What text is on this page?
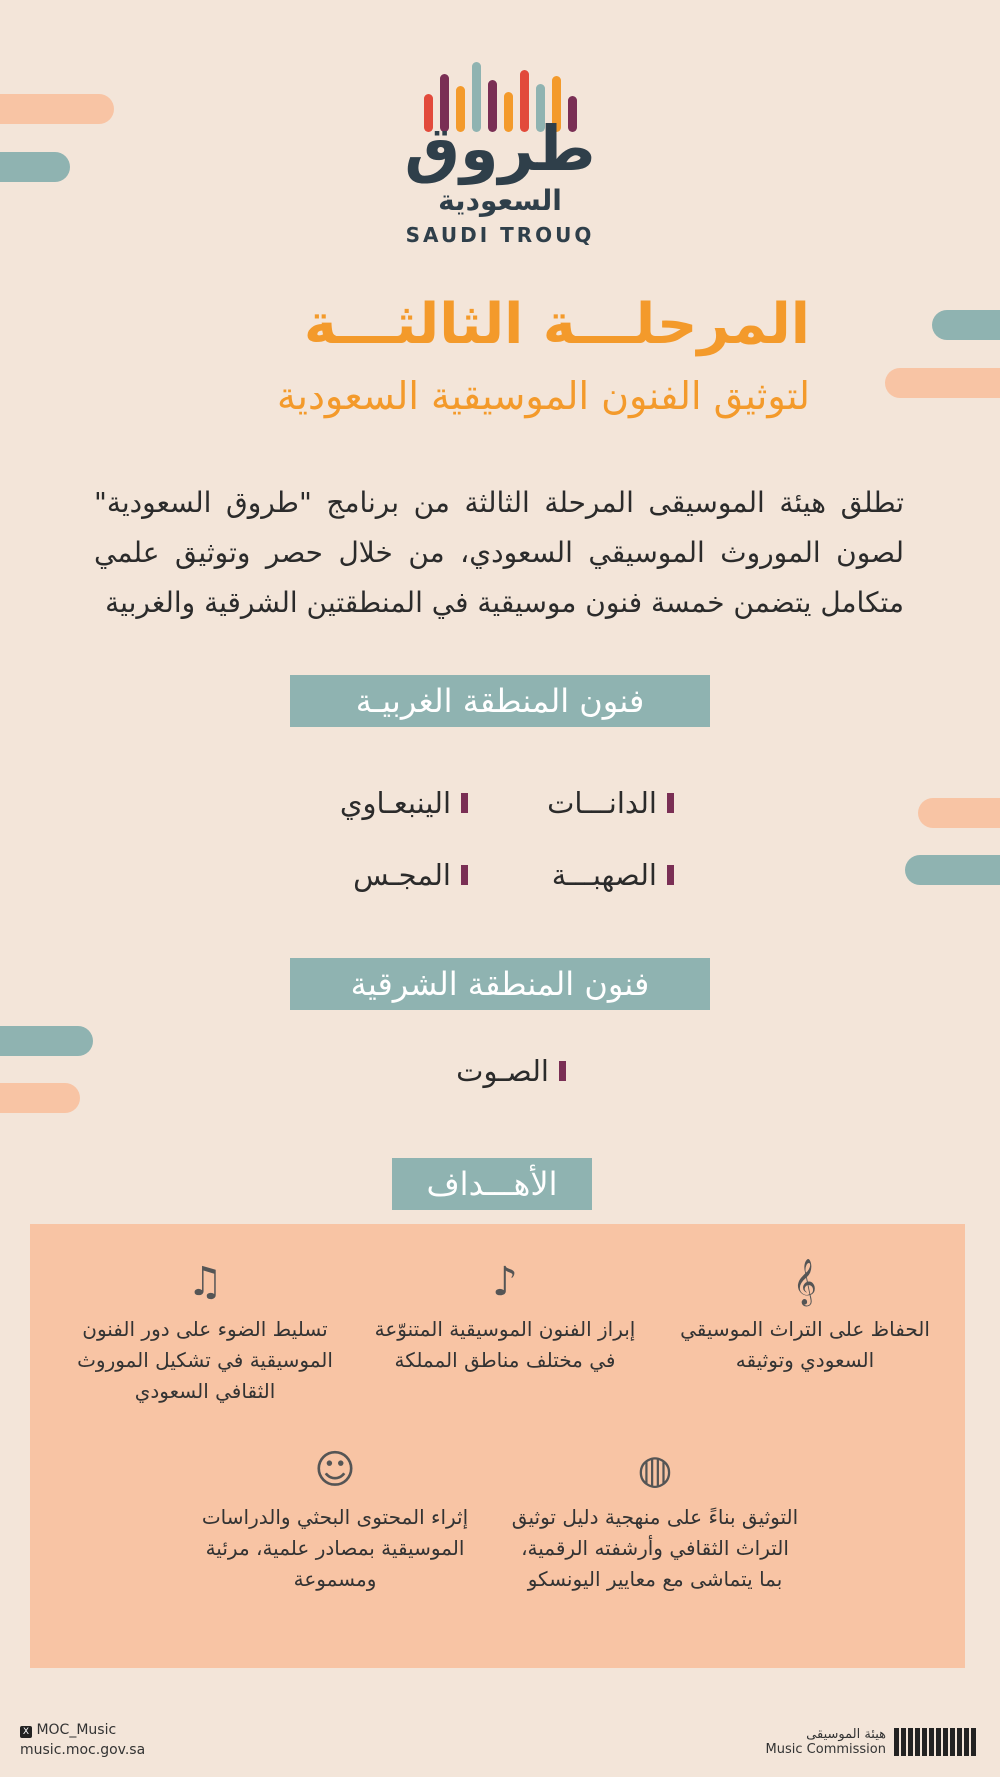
طروق
السعودية
SAUDI TROUQ
المرحلـــة الثالثـــة
لتوثيق الفنون الموسيقية السعودية
تطلق هيئة الموسيقى المرحلة الثالثة من برنامج "طروق السعودية" لصون الموروث الموسيقي السعودي، من خلال حصر وتوثيق علمي متكامل يتضمن خمسة فنون موسيقية في المنطقتين الشرقية والغربية
فنون المنطقة الغربيـة
الدانـــات
الينبعـاوي
الصهبـــة
المجـس
فنون المنطقة الشرقية
الصـوت
الأهـــداف
𝄞
الحفاظ على التراث الموسيقي السعودي وتوثيقه
♪
إبراز الفنون الموسيقية المتنوّعة في مختلف مناطق المملكة
♫
تسليط الضوء على دور الفنون الموسيقية في تشكيل الموروث الثقافي السعودي
◍
التوثيق بناءً على منهجية دليل توثيق التراث الثقافي وأرشفته الرقمية، بما يتماشى مع معايير اليونسكو
☺
إثراء المحتوى البحثي والدراسات الموسيقية بمصادر علمية، مرئية ومسموعة
X MOC_Music
music.moc.gov.sa
هيئة الموسيقى
Music Commission
